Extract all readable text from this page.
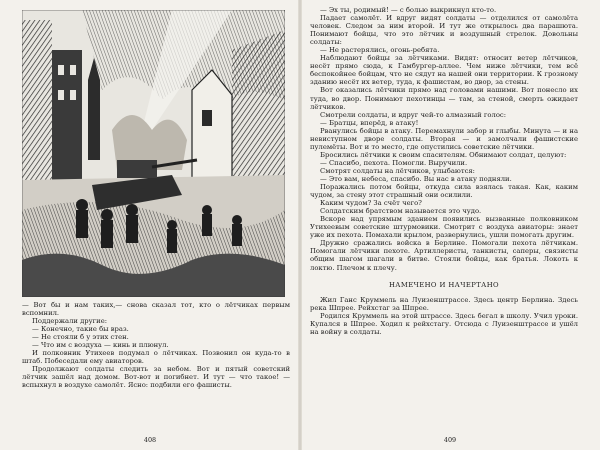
— Вот бы и нам таких,— снова сказал тот, кто о лётчиках первым вспомнил.

Поддержали другие:

— Конечно, такие бы враз.

— Не стояли б у этих стен.

— Что им с воздуха — кинь и плюнул.

И полковник Утихеев подумал о лётчиках. Позвонил он куда-то в штаб. Побеседали ему авиаторов.

Продолжают солдаты следить за небом. Вот и пятый советский лётчик зашёл над домом. Вот-вот и погибнет. И тут — что такое! — вспыхнул в воздухе самолёт. Ясно: подбили его фашисты.

408

— Эх ты, родимый! — с болью выкрикнул кто-то.

Падает самолёт. И вдруг видят солдаты — отделился от самолёта человек. Следом за ним второй. И тут же открылось два парашюта. Понимают бойцы, что это лётчик и воздушный стрелок. Довольны солдаты:

— Не растерялись, огонь-ребята.

Наблюдают бойцы за лётчиками. Видят: относит ветер лётчиков, несёт прямо сюда, к Гамбургер-аллее. Чем ниже лётчики, тем всё беспокойнее бойцам, что не сядут на нашей они территории. К грозному зданию несёт их ветер, туда, к фашистам, во двор, за стены.

Вот оказались лётчики прямо над головами нашими. Вот понесло их туда, во двор. Понимают пехотинцы — там, за стеной, смерть ожидает лётчиков.

Смотрели солдаты, и вдруг чей-то алмазный голос:

— Братцы, вперёд, в атаку!

Рванулись бойцы в атаку. Перемахнули забор и глыбы. Минута — и на невиступном дворе солдаты. Вторая — и замолчали фашистские пулемёты. Вот и то место, где опустились советские лётчики.

Бросились лётчики к своим спасителям. Обнимают солдат, целуют:

— Спасибо, пехота. Помогли. Выручили.

Смотрят солдаты на лётчиков, улыбаются:

— Это вам, небеса, спасибо. Вы нас в атаку подняли.

Поражались потом бойцы, откуда сила взялась такая. Как, каким чудом, за стену этот страшный они осилили.

Каким чудом? За счёт чего?

Солдатским братством называется это чудо.

Вскоре над упрямым зданием появились вызванные полковником Утихеевым советские штурмовики. Смотрит с воздуха авиаторы: знает уже их пехота. Помахали крылом, развернулись, ушли помогать другим.

Дружно сражались войска в Берлине. Помогали пехота лётчикам. Помогали лётчики пехоте. Артиллеристы, танкисты, саперы, связисты общим шагом шагали в битве. Стояли бойцы, как братья. Локоть к локтю. Плечом к плечу.

НАМЕЧЕНО И НАЧЕРТАНО

Жил Ганс Круммель на Луизенштрассе. Здесь центр Берлина. Здесь река Шпрее. Рейхстаг за Шпрее.

Родился Круммель на этой штрассе. Здесь бегал в школу. Учил уроки. Купался в Шпрее. Ходил к рейхстагу. Отсюда с Луизенштрассе и ушёл на войну в солдаты.

409
